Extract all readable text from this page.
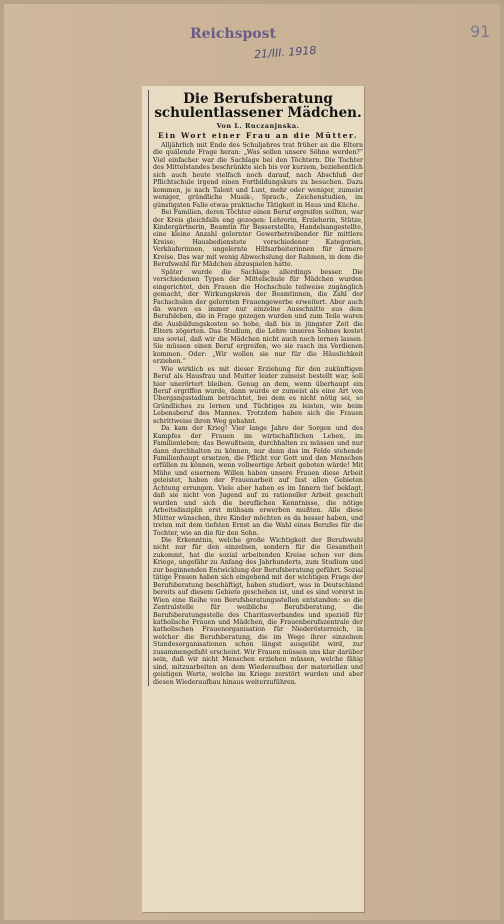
Reichspost
21/III. 1918
91
Die Berufsberatung schulentlassener Mädchen.
Von L. Ruczanjnska.
Ein Wort einer Frau an die Mütter.

Alljährlich mit Ende des Schuljahres trat früher an die Eltern die quälende Frage heran: „Was sollen unsere Söhne werden?“ Viel einfacher war die Sachlage bei den Töchtern. Die Tochter des Mittelstandes beschränkte sich bis vor kurzem, beziehentlich sich auch heute vielfach noch darauf, nach Abschluß der Pflichtschule irgend einen Fortbildungskurs zu besuchen. Dazu kommen, je nach Talent und Lust, mehr oder weniger, zumeist weniger, gründliche Musik-, Sprach-, Zeichenstudien, im günstigsten Falle etwas praktische Tätigkeit in Haus und Küche.

Bei Familien, deren Töchter einen Beruf ergreifen sollten, war der Kreis gleichfalls eng gezogen: Lehrerin, Erzieherin, Stütze, Kindergärtnerin, Beamtin für Besserstellte, Handelsangestellte, eine kleine Anzahl gelernter Gewerbetreibender für mittlere Kreise; Hausbedienstete verschiedener Kategorien, Verkäuferinnen, ungelernte Hilfsarbeiterinnen für ärmere Kreise. Das war mit wenig Abwechslung der Rahmen, in dem die Berufswahl für Mädchen abzuspielen hatte.

Später wurde die Sachlage allerdings besser. Die verschiedenen Typen der Mittelschule für Mädchen wurden eingerichtet, den Frauen die Hochschule teilweise zugänglich gemacht, der Wirkungskreis der Beamtinnen, die Zahl der Fachschulen der gelernten Frauengewerbe erweitert. Aber auch da waren es immer nur einzelne Ausschnitte aus dem Berufsleben, die in Frage gezogen wurden und zum Teile waren die Ausbildungskosten so hohe, daß bis in jüngster Zeit die Eltern zögerten. Das Studium, die Lehre unseres Sohnes kostet uns soviel, daß wir die Mädchen nicht auch noch lernen lassen. Sie müssen einen Beruf ergreifen, wo sie rasch ins Verdienen kommen. Oder: „Wir wollen sie nur für die Häuslichkeit erziehen.“

Wie wirklich es mit dieser Erziehung für den zukünftigen Beruf als Hausfrau und Mutter leider zumeist bestellt war, soll hier unerörtert bleiben. Genug an dem, wenn überhaupt ein Beruf ergriffen wurde, dann wurde er zumeist als eine Art von Übergangsstadium betrachtet, bei dem es nicht nötig sei, so Gründliches zu lernen und Tüchtiges zu leisten, wie beim Lebensberuf des Mannes. Trotzdem haben sich die Frauen schrittweise ihren Weg gebahnt.

Da kam der Krieg! Vier lange Jahre der Sorgen und des Kampfes der Frauen im wirtschaftlichen Leben, im Familienleben; das Bewußtsein, durchhalten zu müssen und nur dann durchhalten zu können, nur dann das im Felde stehende Familienhaupt ersetzen, die Pflicht vor Gott und den Menschen erfüllen zu können, wenn vollwertige Arbeit geboten würde! Mit Mühe und eisernem Willen haben unsere Frauen diese Arbeit geleistet, haben der Frauenarbeit auf fast allen Gebieten Achtung errungen. Viele aber haben es im Innern tief beklagt, daß sie nicht von Jugend auf zu rationeller Arbeit geschult wurden und sich die beruflichen Kenntnisse, die nötige Arbeitsdisziplin erst mühsam erwerben mußten. Alle diese Mütter wünschen, ihre Kinder möchten es da besser haben, und treten mit dem tiefsten Ernst an die Wahl eines Berufes für die Tochter, wie an die für den Sohn.

Die Erkenntnis, welche große Wichtigkeit der Berufswahl nicht nur für den einzelnen, sondern für die Gesamtheit zukommt, hat die sozial arbeitenden Kreise schon vor dem Kriege, ungefähr zu Anfang des Jahrhunderts, zum Studium und zur beginnenden Entwicklung der Berufsberatung geführt. Sozial tätige Frauen haben sich eingehend mit der wichtigen Frage der Berufsberatung beschäftigt, haben studiert, was in Deutschland bereits auf diesem Gebiete geschehen ist, und es sind vorerst in Wien eine Reihe von Berufsberatungsstellen entstanden: so die Zentralstelle für weibliche Berufsberatung, die Berufsberatungsstelle des Charitasverbandes und speziell für katholische Frauen und Mädchen, die Frauenberufszentrale der katholischen Frauenorganisation für Niederösterreich, in welcher die Berufsberatung, die im Wege ihrer einzelnen Standesorganisationen schon längst ausgeübt wird, zur zusammengefaßt erscheint. Wir Frauen müssen uns klar darüber sein, daß wir nicht Menschen erziehen müssen, welche fähig sind, mitzuarbeiten an dem Wiederaufbau der materiellen und geistigen Werte, welche im Kriege zerstört wurden und aber diesen Wiederaufbau hinaus weiterzuführen.
